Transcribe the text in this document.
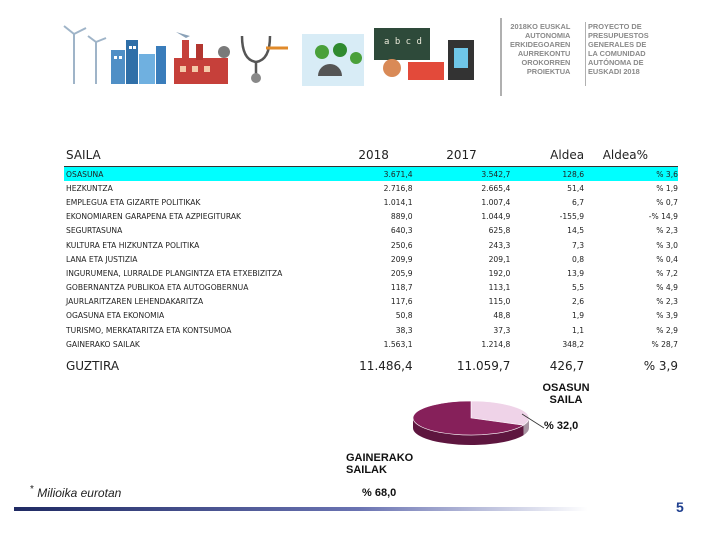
a b c d
2018KO EUSKAL
AUTONOMIA
ERKIDEGOAREN
AURREKONTU
OROKORREN
PROIEKTUA
PROYECTO DE
PRESUPUESTOS
GENERALES DE
LA COMUNIDAD
AUTÓNOMA DE
EUSKADI 2018
SAILA	2018	2017	Aldea	Aldea%

OSASUNA	3.671,4	3.542,7	128,6	% 3,6
HEZKUNTZA	2.716,8	2.665,4	51,4	% 1,9
EMPLEGUA ETA GIZARTE POLITIKAK	1.014,1	1.007,4	6,7	% 0,7
EKONOMIAREN GARAPENA ETA AZPIEGITURAK	889,0	1.044,9	-155,9	-% 14,9
SEGURTASUNA	640,3	625,8	14,5	% 2,3
KULTURA ETA HIZKUNTZA POLITIKA	250,6	243,3	7,3	% 3,0
LANA ETA JUSTIZIA	209,9	209,1	0,8	% 0,4
INGURUMENA, LURRALDE PLANGINTZA ETA ETXEBIZITZA	205,9	192,0	13,9	% 7,2
GOBERNANTZA PUBLIKOA ETA AUTOGOBERNUA	118,7	113,1	5,5	% 4,9
JAURLARITZAREN LEHENDAKARITZA	117,6	115,0	2,6	% 2,3
OGASUNA ETA EKONOMIA	50,8	48,8	1,9	% 3,9
TURISMO, MERKATARITZA ETA KONTSUMOA	38,3	37,3	1,1	% 2,9
GAINERAKO SAILAK	1.563,1	1.214,8	348,2	% 28,7
GUZTIRA	11.486,4	11.059,7	426,7	% 3,9
OSASUN SAILA
% 32,0
GAINERAKO SAILAK
% 68,0
* Milioika eurotan
5
